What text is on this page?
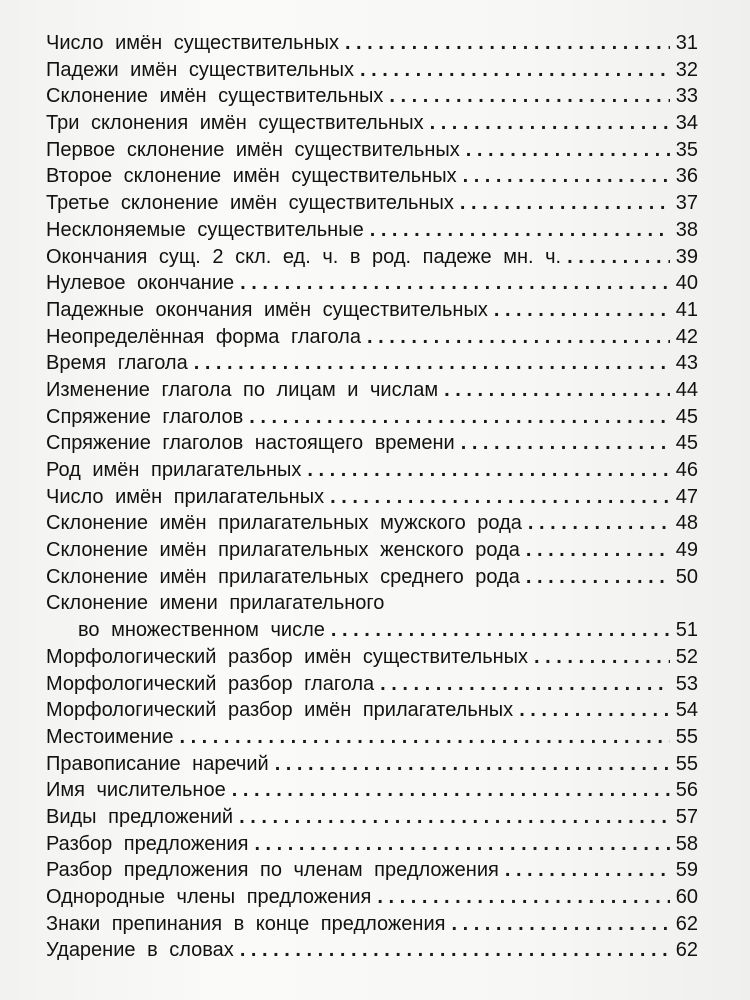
Число имён существительных . . .	31
Падежи имён существительных . . .	32
Склонение имён существительных . . .	33
Три склонения имён существительных . . .	34
Первое склонение имён существительных . . .	35
Второе склонение имён существительных . . .	36
Третье склонение имён существительных . . .	37
Несклоняемые существительные . . .	38
Окончания сущ. 2 скл. ед. ч. в род. падеже мн. ч. . . .	39
Нулевое окончание . . .	40
Падежные окончания имён существительных . . .	41
Неопределённая форма глагола . . .	42
Время глагола . . .	43
Изменение глагола по лицам и числам . . .	44
Спряжение глаголов . . .	45
Спряжение глаголов настоящего времени . . .	45
Род имён прилагательных . . .	46
Число имён прилагательных . . .	47
Склонение имён прилагательных мужского рода . . .	48
Склонение имён прилагательных женского рода . . .	49
Склонение имён прилагательных среднего рода . . .	50
Склонение имени прилагательного
во множественном числе . . .	51
Морфологический разбор имён существительных . . .	52
Морфологический разбор глагола . . .	53
Морфологический разбор имён прилагательных . . .	54
Местоимение . . .	55
Правописание наречий . . .	55
Имя числительное . . .	56
Виды предложений . . .	57
Разбор предложения . . .	58
Разбор предложения по членам предложения . . .	59
Однородные члены предложения . . .	60
Знаки препинания в конце предложения . . .	62
Ударение в словах . . .	62
